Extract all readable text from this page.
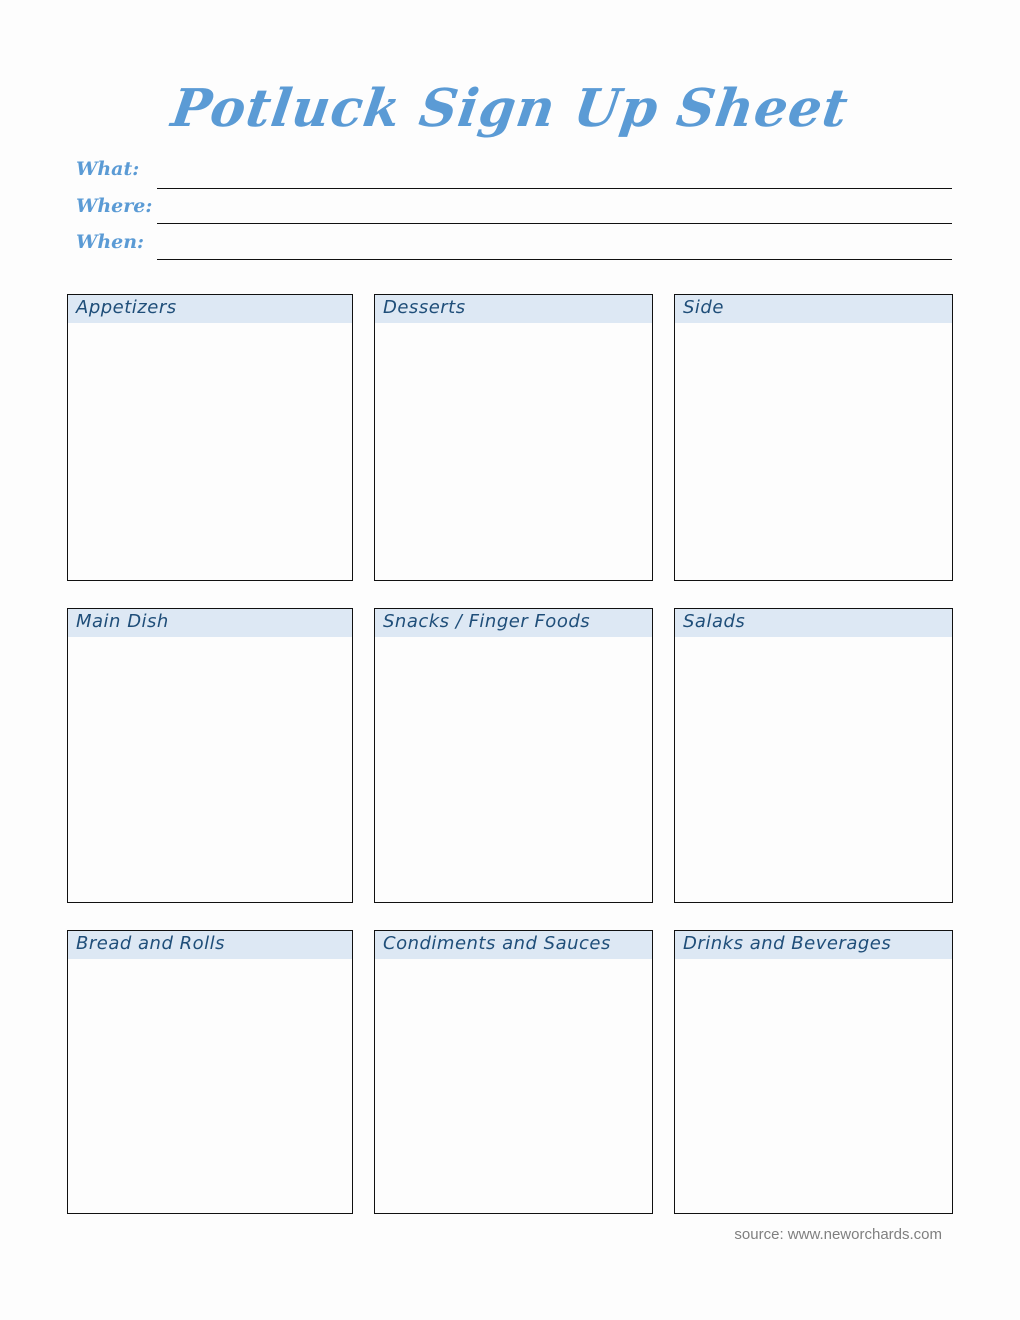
Potluck Sign Up Sheet
What:
Where:
When:
Appetizers	Desserts	Side
Main Dish	Snacks / Finger Foods	Salads
Bread and Rolls	Condiments and Sauces	Drinks and Beverages
source: www.neworchards.com
